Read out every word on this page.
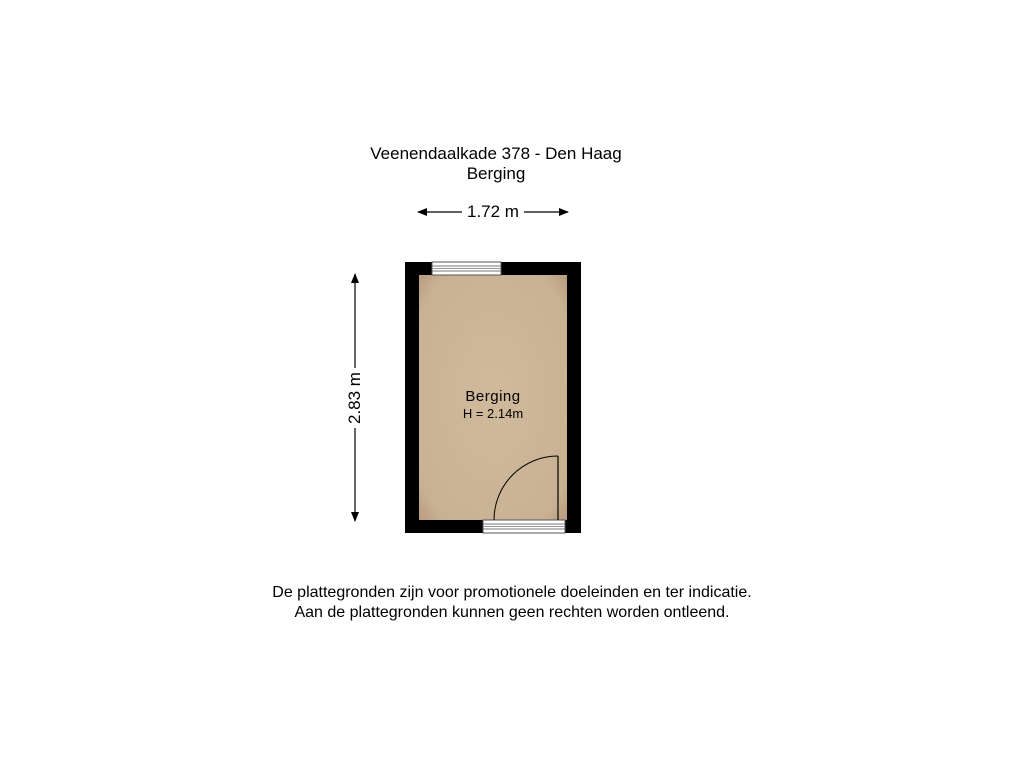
Veenendaalkade 378 - Den Haag
Berging
1.72 m
2.83 m	Berging
H = 2.14m
De plattegronden zijn voor promotionele doeleinden en ter indicatie.
Aan de plattegronden kunnen geen rechten worden ontleend.
